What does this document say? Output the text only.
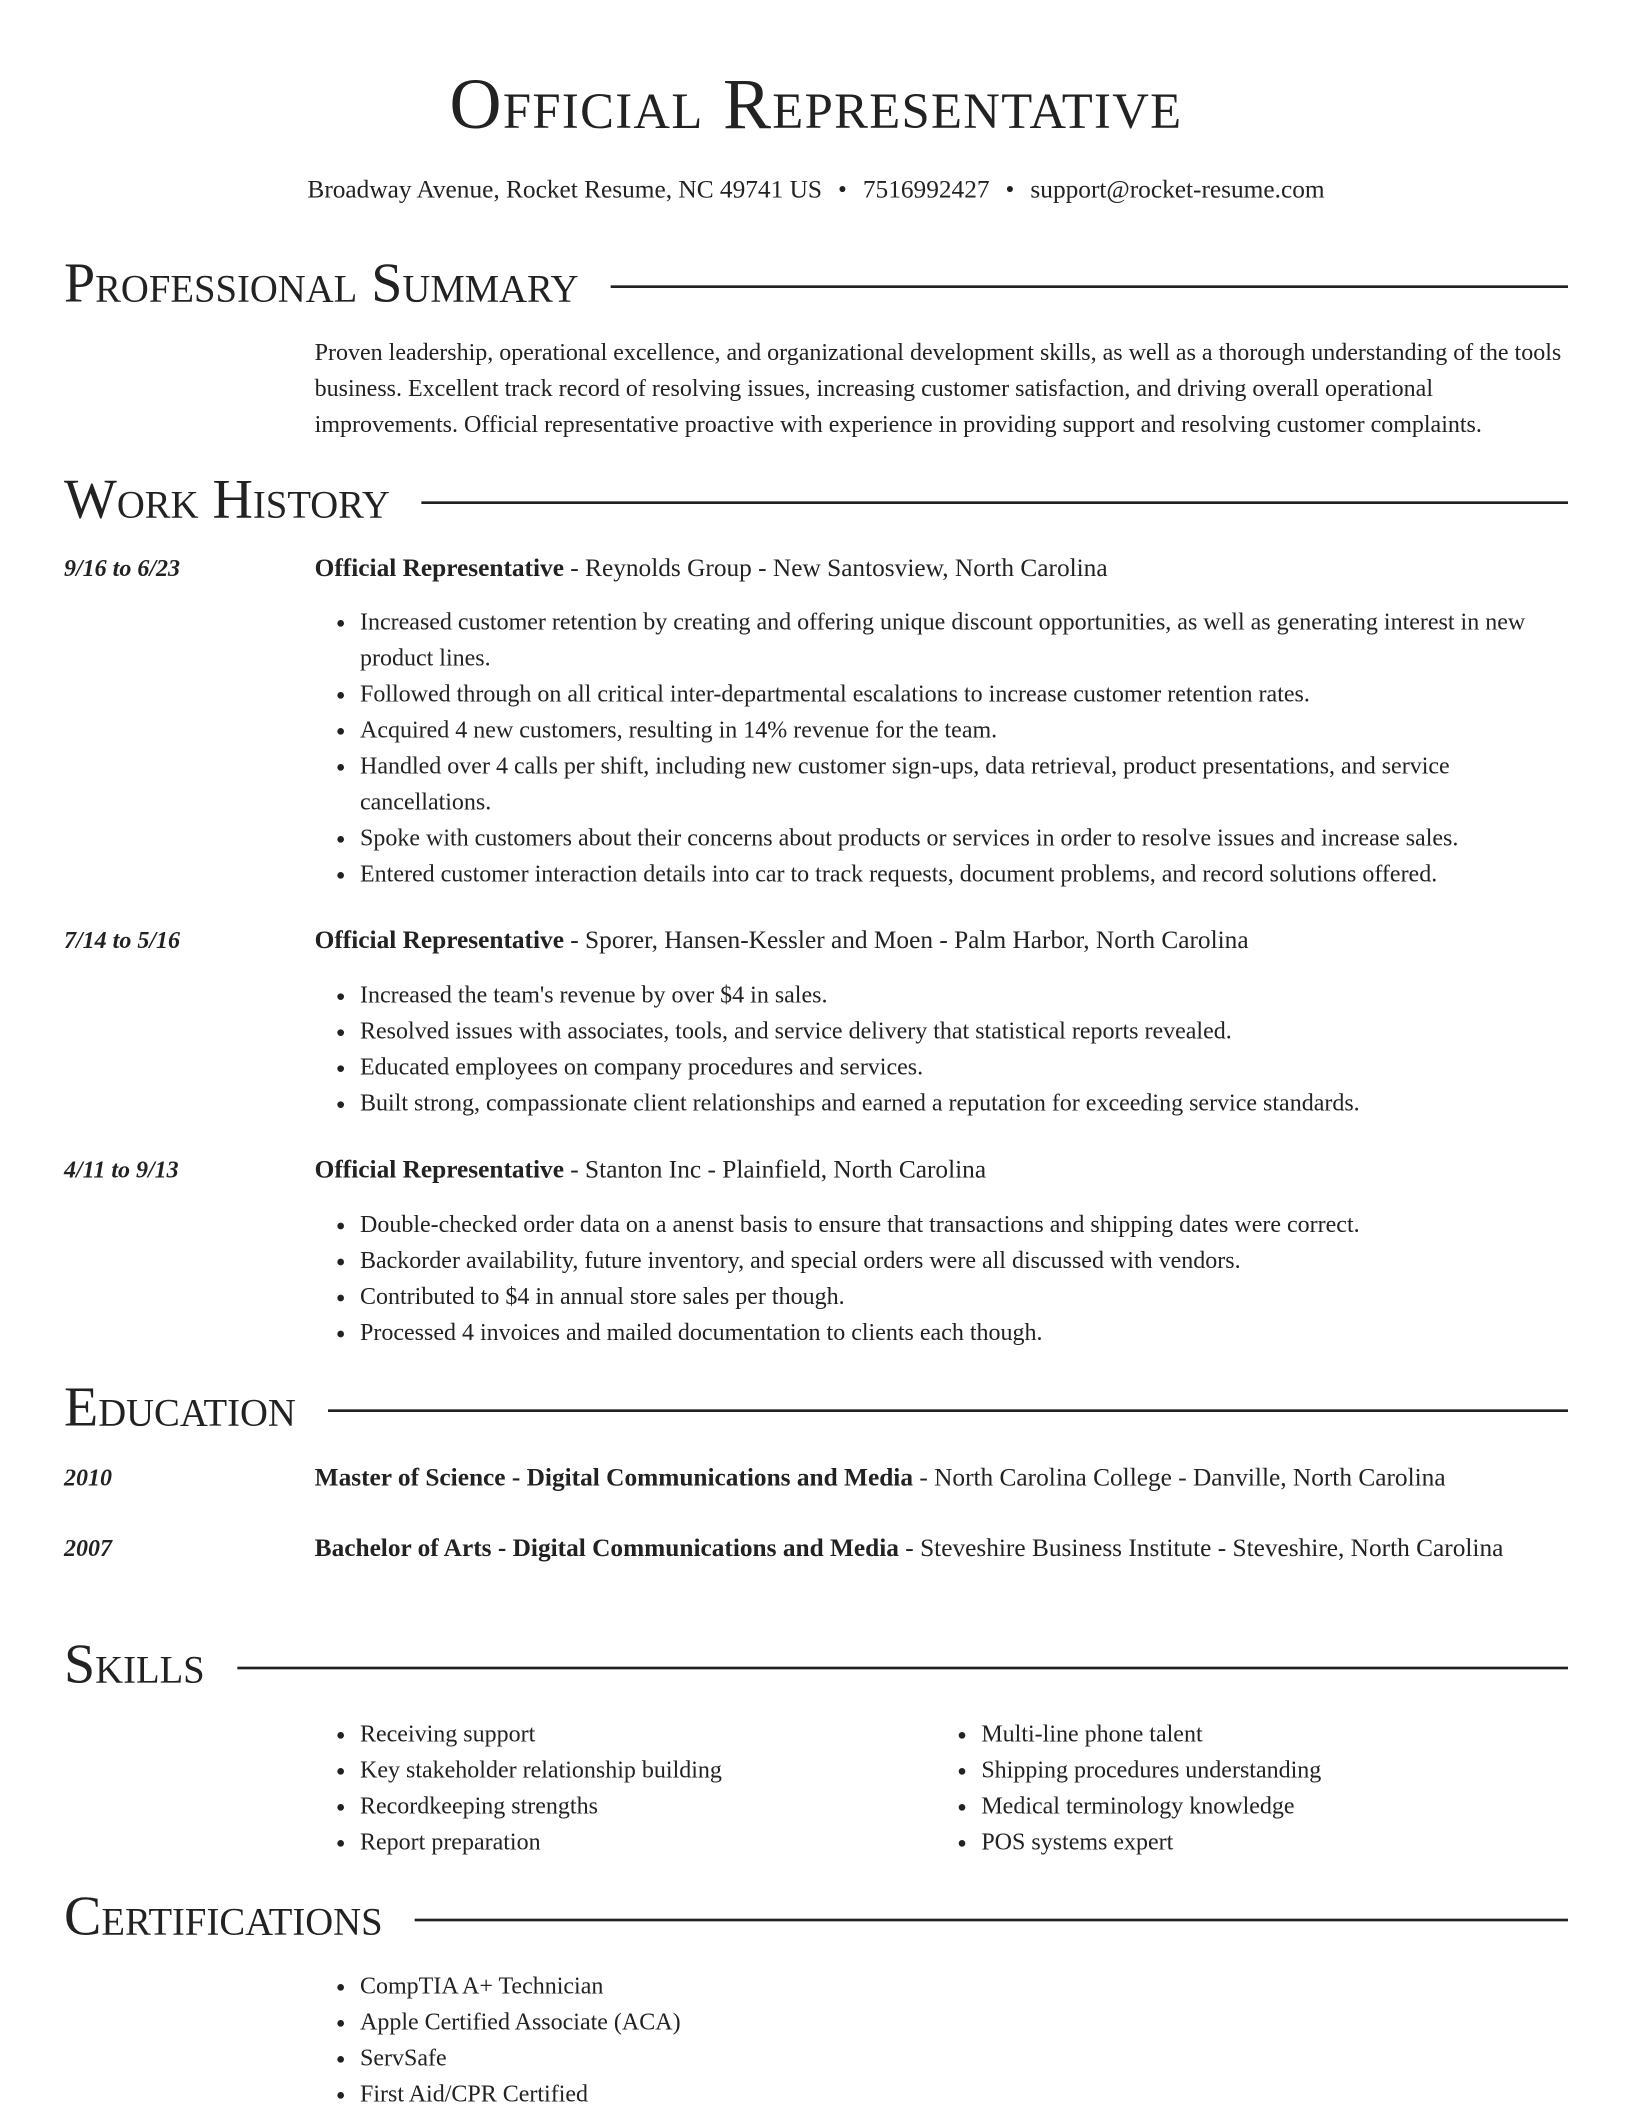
Official Representative
Broadway Avenue, Rocket Resume, NC 49741 US • 7516992427 • support@rocket-resume.com
Professional Summary

Proven leadership, operational excellence, and organizational development skills, as well as a thorough understanding of the tools business. Excellent track record of resolving issues, increasing customer satisfaction, and driving overall operational improvements. Official representative proactive with experience in providing support and resolving customer complaints.

Work History
9/16 to 6/23	Official Representative - Reynolds Group - New Santosview, North Carolina
• Increased customer retention by creating and offering unique discount opportunities, as well as generating interest in new product lines.
• Followed through on all critical inter-departmental escalations to increase customer retention rates.
• Acquired 4 new customers, resulting in 14% revenue for the team.
• Handled over 4 calls per shift, including new customer sign-ups, data retrieval, product presentations, and service cancellations.
• Spoke with customers about their concerns about products or services in order to resolve issues and increase sales.
• Entered customer interaction details into car to track requests, document problems, and record solutions offered.
7/14 to 5/16	Official Representative - Sporer, Hansen-Kessler and Moen - Palm Harbor, North Carolina
• Increased the team's revenue by over $4 in sales.
• Resolved issues with associates, tools, and service delivery that statistical reports revealed.
• Educated employees on company procedures and services.
• Built strong, compassionate client relationships and earned a reputation for exceeding service standards.
4/11 to 9/13	Official Representative - Stanton Inc - Plainfield, North Carolina
• Double-checked order data on a anenst basis to ensure that transactions and shipping dates were correct.
• Backorder availability, future inventory, and special orders were all discussed with vendors.
• Contributed to $4 in annual store sales per though.
• Processed 4 invoices and mailed documentation to clients each though.
Education
2010	Master of Science - Digital Communications and Media - North Carolina College - Danville, North Carolina
2007	Bachelor of Arts - Digital Communications and Media - Steveshire Business Institute - Steveshire, North Carolina
Skills
• Receiving support
• Key stakeholder relationship building
• Recordkeeping strengths
• Report preparation
• Multi-line phone talent
• Shipping procedures understanding
• Medical terminology knowledge
• POS systems expert
Certifications
• CompTIA A+ Technician
• Apple Certified Associate (ACA)
• ServSafe
• First Aid/CPR Certified
